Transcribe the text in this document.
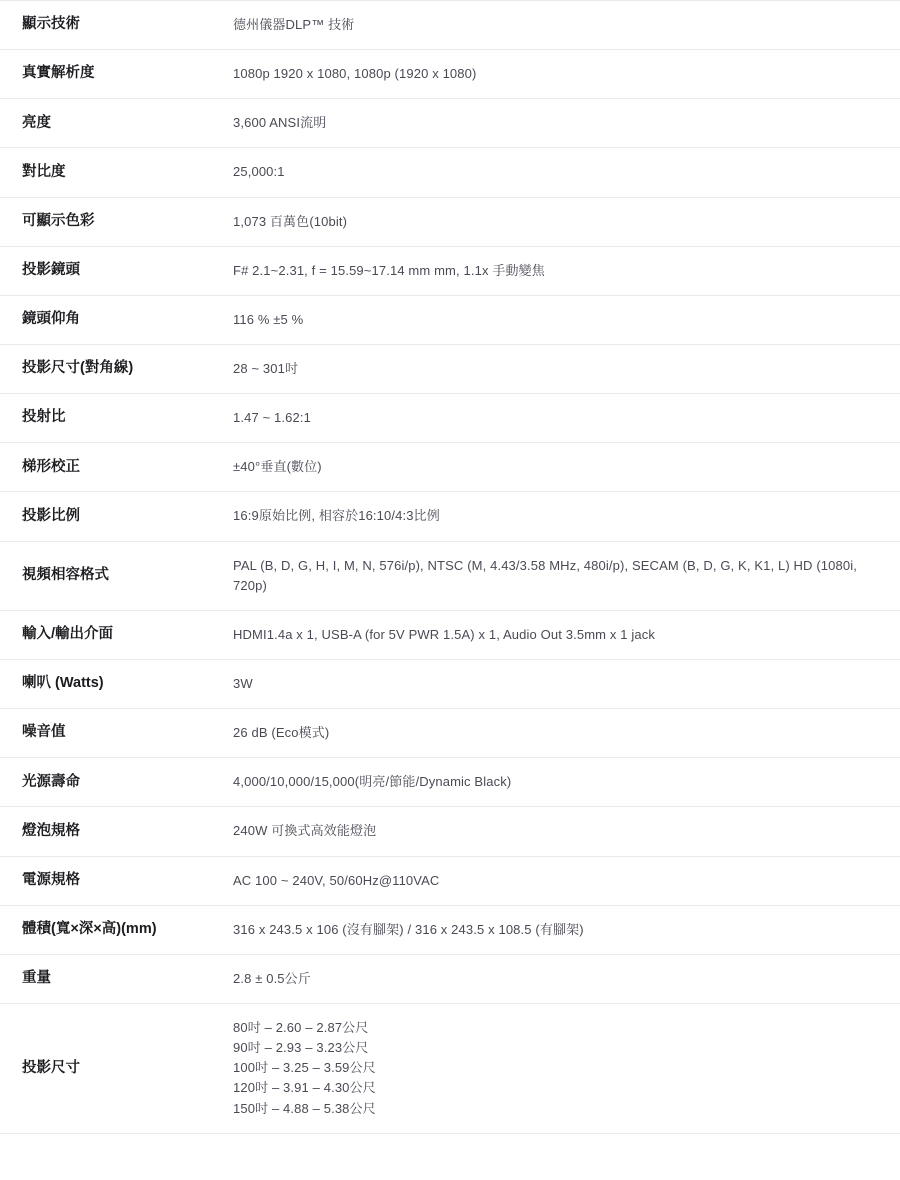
顯示技術	德州儀器DLP™ 技術
真實解析度	1080p 1920 x 1080, 1080p (1920 x 1080)
亮度	3,600 ANSI流明
對比度	25,000:1
可顯示色彩	1,073 百萬色(10bit)
投影鏡頭	F# 2.1~2.31, f = 15.59~17.14 mm mm, 1.1x 手動變焦
鏡頭仰角	116 % ±5 %
投影尺寸(對角線)	28 ~ 301吋
投射比	1.47 ~ 1.62:1
梯形校正	±40°垂直(數位)
投影比例	16:9原始比例, 相容於16:10/4:3比例
視頻相容格式	PAL (B, D, G, H, I, M, N, 576i/p), NTSC (M, 4.43/3.58 MHz, 480i/p), SECAM (B, D, G, K, K1, L) HD (1080i, 720p)
輸入/輸出介面	HDMI1.4a x 1, USB-A (for 5V PWR 1.5A) x 1, Audio Out 3.5mm x 1 jack
喇叭 (Watts)	3W
噪音值	26 dB (Eco模式)
光源壽命	4,000/10,000/15,000(明亮/節能/Dynamic Black)
燈泡規格	240W 可換式高效能燈泡
電源規格	AC 100 ~ 240V, 50/60Hz@110VAC
體積(寬×深×高)(mm)	316 x 243.5 x 106 (沒有腳架) / 316 x 243.5 x 108.5 (有腳架)
重量	2.8 ± 0.5公斤
投影尺寸	80吋 – 2.60 – 2.87公尺
90吋 – 2.93 – 3.23公尺
100吋 – 3.25 – 3.59公尺
120吋 – 3.91 – 4.30公尺
150吋 – 4.88 – 5.38公尺
